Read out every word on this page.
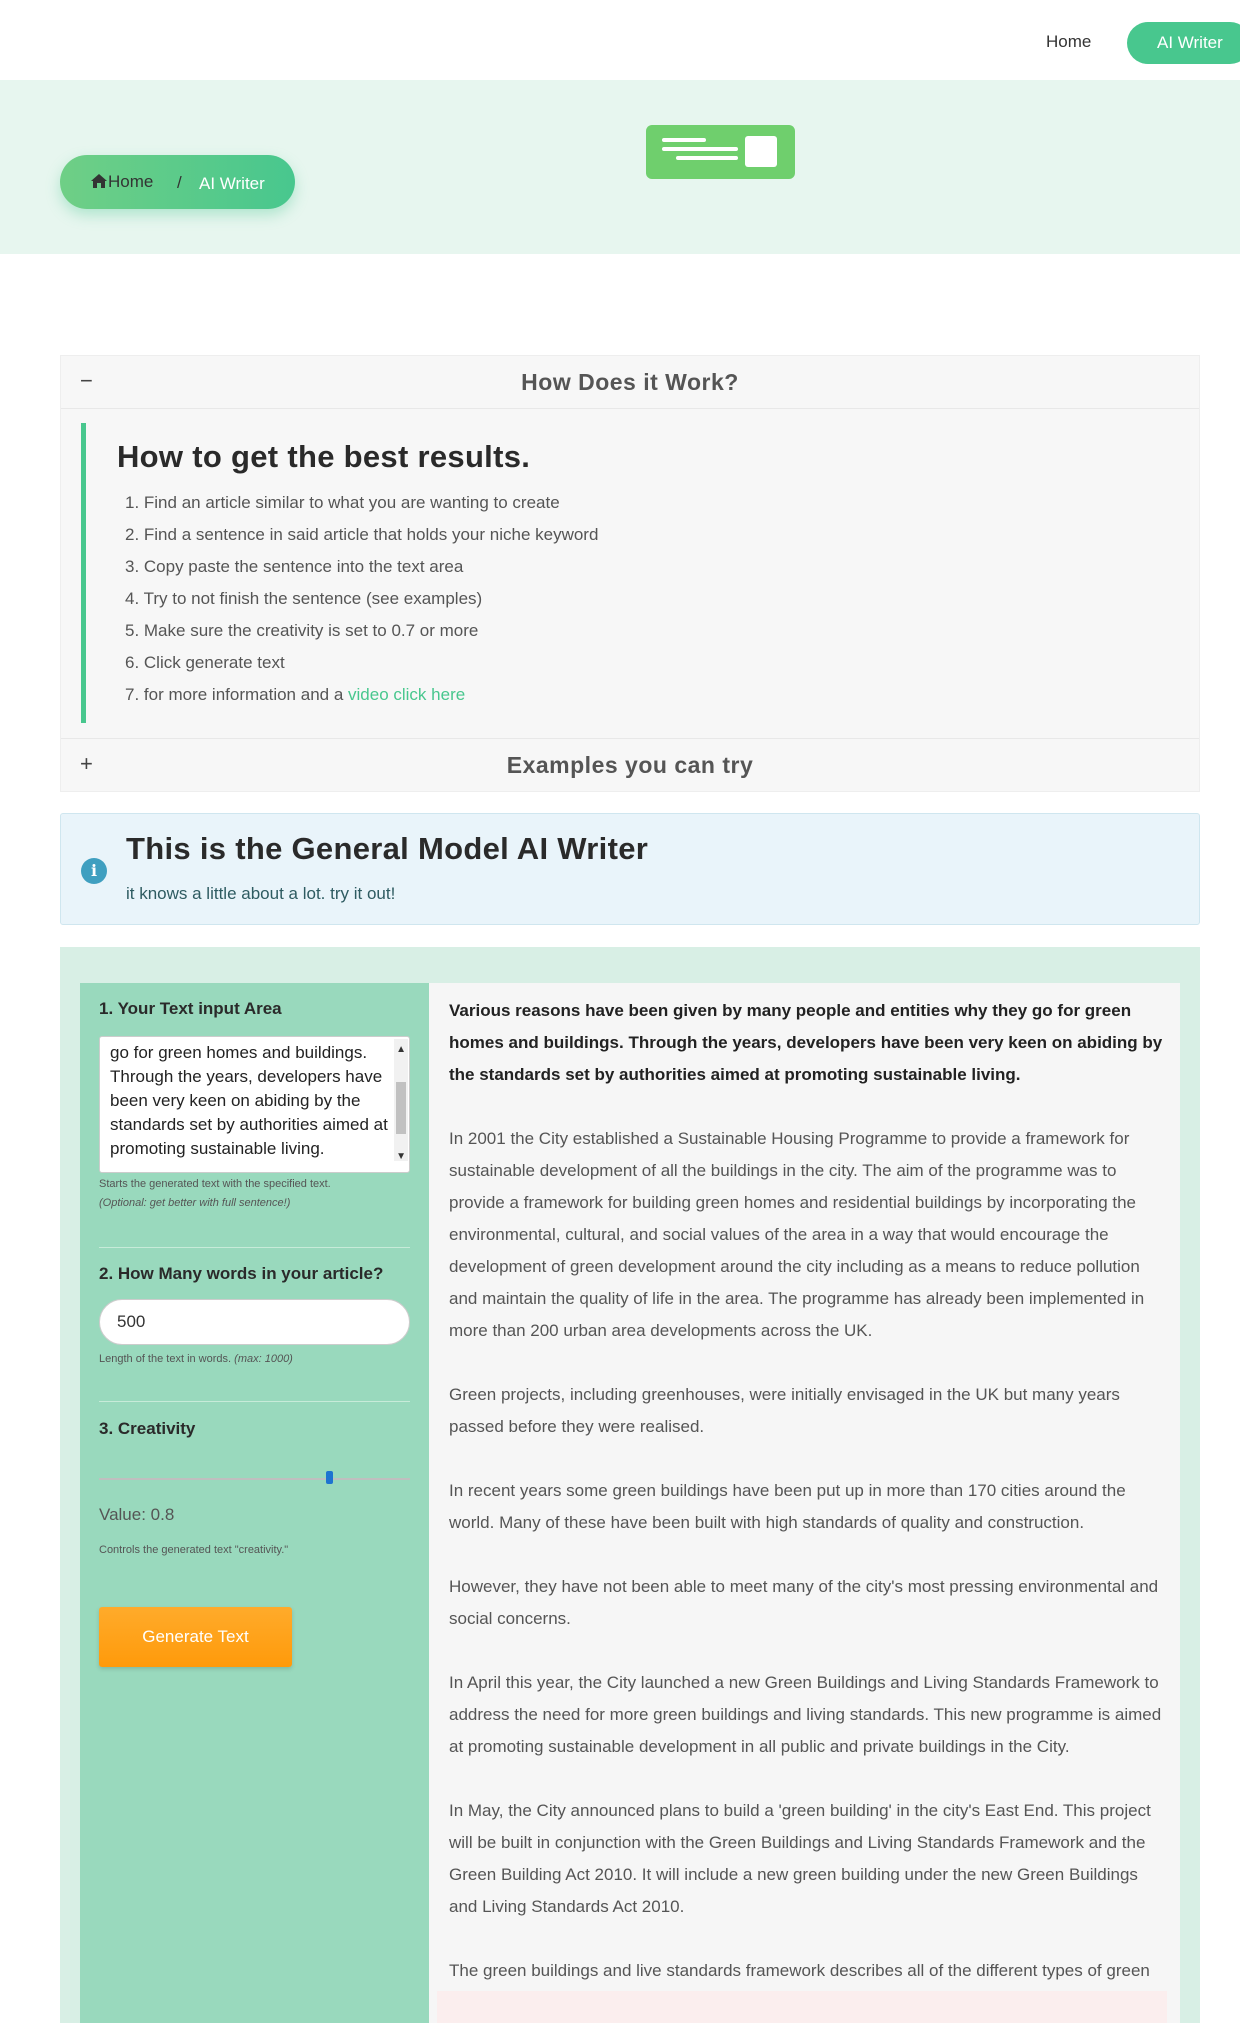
Home	AI Writer
Home / AI Writer
−	How Does it Work?
How to get the best results.
1. Find an article similar to what you are wanting to create
2. Find a sentence in said article that holds your niche keyword
3. Copy paste the sentence into the text area
4. Try to not finish the sentence (see examples)
5. Make sure the creativity is set to 0.7 or more
6. Click generate text
7. for more information and a video click here
+	Examples you can try
i
This is the General Model AI Writer

it knows a little about a lot. try it out!

1. Your Text input Area
go for green homes and buildings. Through the years, developers have been very keen on abiding by the standards set by authorities aimed at promoting sustainable living.
▲
▼
Starts the generated text with the specified text.
(Optional: get better with full sentence!)
2. How Many words in your article?
500
Length of the text in words. (max: 1000)
3. Creativity
Value: 0.8
Controls the generated text "creativity."
Generate Text

Various reasons have been given by many people and entities why they go for green homes and buildings. Through the years, developers have been very keen on abiding by the standards set by authorities aimed at promoting sustainable living.

In 2001 the City established a Sustainable Housing Programme to provide a framework for sustainable development of all the buildings in the city. The aim of the programme was to provide a framework for building green homes and residential buildings by incorporating the environmental, cultural, and social values of the area in a way that would encourage the development of green development around the city including as a means to reduce pollution and maintain the quality of life in the area. The programme has already been implemented in more than 200 urban area developments across the UK.

Green projects, including greenhouses, were initially envisaged in the UK but many years passed before they were realised.

In recent years some green buildings have been put up in more than 170 cities around the world. Many of these have been built with high standards of quality and construction.

However, they have not been able to meet many of the city's most pressing environmental and social concerns.

In April this year, the City launched a new Green Buildings and Living Standards Framework to address the need for more green buildings and living standards. This new programme is aimed at promoting sustainable development in all public and private buildings in the City.

In May, the City announced plans to build a 'green building' in the city's East End. This project will be built in conjunction with the Green Buildings and Living Standards Framework and the Green Building Act 2010. It will include a new green building under the new Green Buildings and Living Standards Act 2010.

The green buildings and live standards framework describes all of the different types of green
